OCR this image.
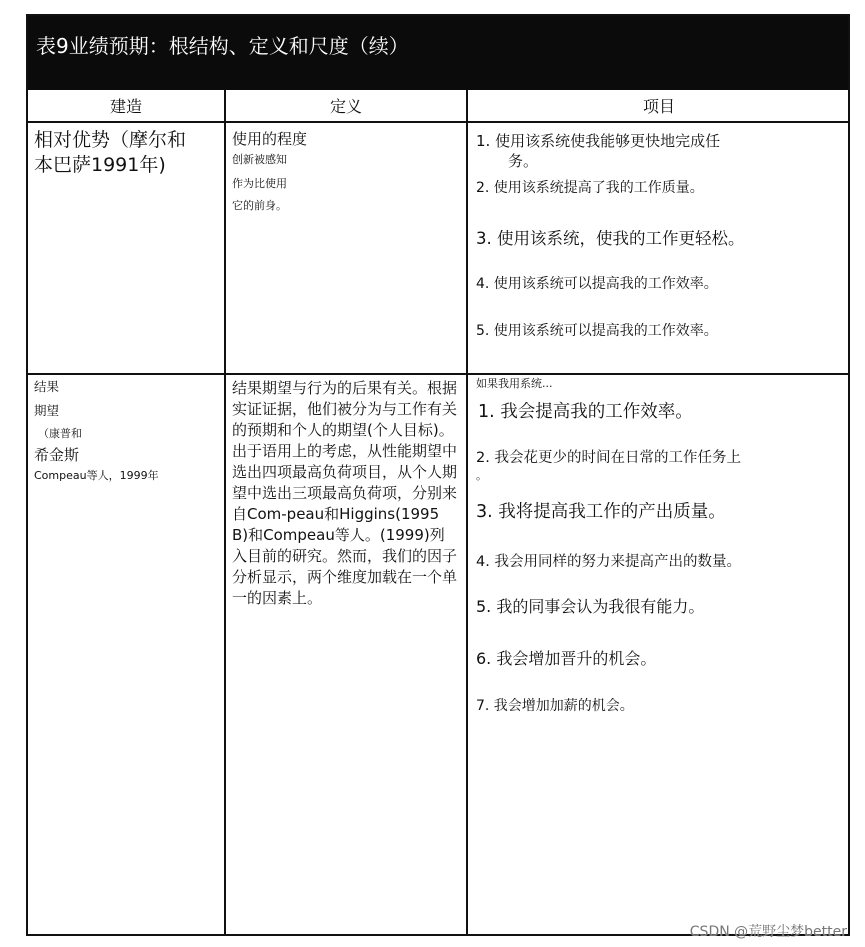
表9业绩预期：根结构、定义和尺度（续）
建造	定义	项目
相对优势（摩尔和
本巴萨1991年)
使用的程度
创新被感知
作为比使用
它的前身。
1. 使用该系统使我能够更快地完成任
务。
2. 使用该系统提高了我的工作质量。
3. 使用该系统，使我的工作更轻松。
4. 使用该系统可以提高我的工作效率。
5. 使用该系统可以提高我的工作效率。
结果
期望
（康普和
希金斯
Compeau等人，1999年
结果期望与行为的后果有关。根据实证证据，他们被分为与工作有关的预期和个人的期望(个人目标)。出于语用上的考虑，从性能期望中选出四项最高负荷项目，从个人期望中选出三项最高负荷项，分别来自Com-peau和Higgins(1995 B)和Compeau等人。(1999)列入目前的研究。然而，我们的因子分析显示，两个维度加载在一个单一的因素上。
如果我用系统...
1. 我会提高我的工作效率。
2. 我会花更少的时间在日常的工作任务上
。
3. 我将提高我工作的产出质量。
4. 我会用同样的努力来提高产出的数量。
5. 我的同事会认为我很有能力。
6. 我会增加晋升的机会。
7. 我会增加加薪的机会。
CSDN @荒野尘梦better
